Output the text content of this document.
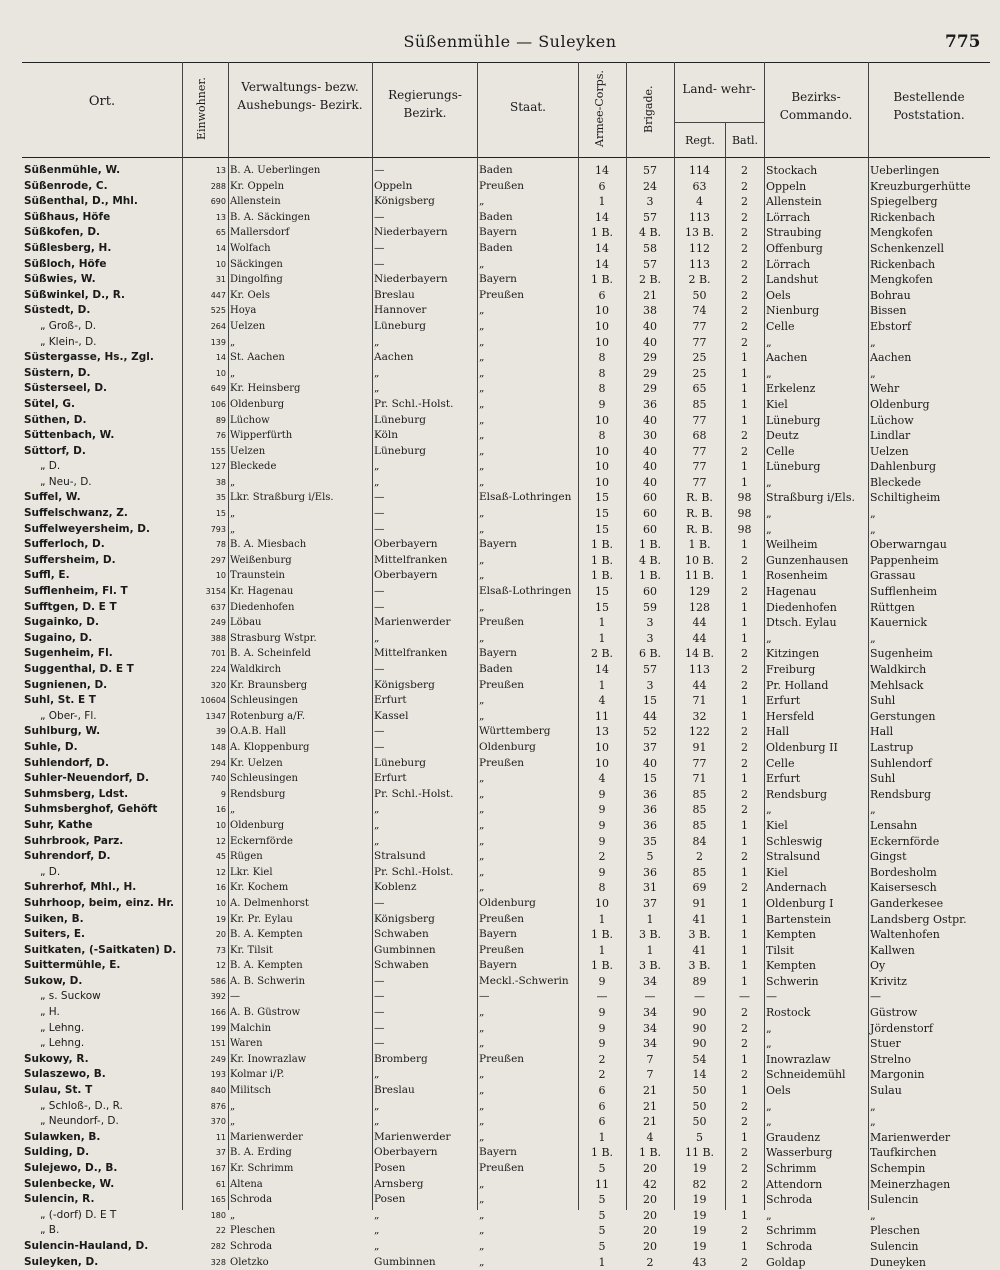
Süßenmühle — Suleyken	775
Ort.	Einwohner.	Verwaltungs- bezw. Aushebungs- Bezirk.
Regierungs- Bezirk.	Staat.	Armee-Corps.	Brigade.	Land- wehr-
Regt.	Batl.
Bezirks- Commando.
Bestellende Poststation.
Süßenmühle, W.	13	B. A. Ueberlingen	—	Baden	14	57	114	2	Stockach	Ueberlingen
Süßenrode, C.	288	Kr. Oppeln	Oppeln	Preußen	6	24	63	2	Oppeln	Kreuzburgerhütte
Süßenthal, D., Mhl.	690	Allenstein	Königsberg	„	1	3	4	2	Allenstein	Spiegelberg
Süßhaus, Höfe	13	B. A. Säckingen	—	Baden	14	57	113	2	Lörrach	Rickenbach
Süßkofen, D.	65	Mallersdorf	Niederbayern	Bayern	1 B.	4 B.	13 B.	2	Straubing	Mengkofen
Süßlesberg, H.	14	Wolfach	—	Baden	14	58	112	2	Offenburg	Schenkenzell
Süßloch, Höfe	10	Säckingen	—	„	14	57	113	2	Lörrach	Rickenbach
Süßwies, W.	31	Dingolfing	Niederbayern	Bayern	1 B.	2 B.	2 B.	2	Landshut	Mengkofen
Süßwinkel, D., R.	447	Kr. Oels	Breslau	Preußen	6	21	50	2	Oels	Bohrau
Süstedt, D.	525	Hoya	Hannover	„	10	38	74	2	Nienburg	Bissen
„ Groß-, D.	264	Uelzen	Lüneburg	„	10	40	77	2	Celle	Ebstorf
„ Klein-, D.	139	„	„	„	10	40	77	2	„	„
Süstergasse, Hs., Zgl.	14	St. Aachen	Aachen	„	8	29	25	1	Aachen	Aachen
Süstern, D.	10	„	„	„	8	29	25	1	„	„
Süsterseel, D.	649	Kr. Heinsberg	„	„	8	29	65	1	Erkelenz	Wehr
Sütel, G.	106	Oldenburg	Pr. Schl.-Holst.	„	9	36	85	1	Kiel	Oldenburg
Süthen, D.	89	Lüchow	Lüneburg	„	10	40	77	1	Lüneburg	Lüchow
Süttenbach, W.	76	Wipperfürth	Köln	„	8	30	68	2	Deutz	Lindlar
Süttorf, D.	155	Uelzen	Lüneburg	„	10	40	77	2	Celle	Uelzen
„ D.	127	Bleckede	„	„	10	40	77	1	Lüneburg	Dahlenburg
„ Neu-, D.	38	„	„	„	10	40	77	1	„	Bleckede
Suffel, W.	35	Lkr. Straßburg i/Els.	—	Elsaß-Lothringen	15	60	R. B.	98	Straßburg i/Els.	Schiltigheim
Suffelschwanz, Z.	15	„	—	„	15	60	R. B.	98	„	„
Suffelweyersheim, D.	793	„	—	„	15	60	R. B.	98	„	„
Sufferloch, D.	78	B. A. Miesbach	Oberbayern	Bayern	1 B.	1 B.	1 B.	1	Weilheim	Oberwarngau
Suffersheim, D.	297	Weißenburg	Mittelfranken	„	1 B.	4 B.	10 B.	2	Gunzenhausen	Pappenheim
Suffl, E.	10	Traunstein	Oberbayern	„	1 B.	1 B.	11 B.	1	Rosenheim	Grassau
Sufflenheim, Fl. T	3154	Kr. Hagenau	—	Elsaß-Lothringen	15	60	129	2	Hagenau	Sufflenheim
Sufftgen, D. E T	637	Diedenhofen	—	„	15	59	128	1	Diedenhofen	Rüttgen
Sugainko, D.	249	Löbau	Marienwerder	Preußen	1	3	44	1	Dtsch. Eylau	Kauernick
Sugaino, D.	388	Strasburg Wstpr.	„	„	1	3	44	1	„	„
Sugenheim, Fl.	701	B. A. Scheinfeld	Mittelfranken	Bayern	2 B.	6 B.	14 B.	2	Kitzingen	Sugenheim
Suggenthal, D. E T	224	Waldkirch	—	Baden	14	57	113	2	Freiburg	Waldkirch
Sugnienen, D.	320	Kr. Braunsberg	Königsberg	Preußen	1	3	44	2	Pr. Holland	Mehlsack
Suhl, St. E T	10604	Schleusingen	Erfurt	„	4	15	71	1	Erfurt	Suhl
„ Ober-, Fl.	1347	Rotenburg a/F.	Kassel	„	11	44	32	1	Hersfeld	Gerstungen
Suhlburg, W.	39	O.A.B. Hall	—	Württemberg	13	52	122	2	Hall	Hall
Suhle, D.	148	A. Kloppenburg	—	Oldenburg	10	37	91	2	Oldenburg II	Lastrup
Suhlendorf, D.	294	Kr. Uelzen	Lüneburg	Preußen	10	40	77	2	Celle	Suhlendorf
Suhler-Neuendorf, D.	740	Schleusingen	Erfurt	„	4	15	71	1	Erfurt	Suhl
Suhmsberg, Ldst.	9	Rendsburg	Pr. Schl.-Holst.	„	9	36	85	2	Rendsburg	Rendsburg
Suhmsberghof, Gehöft	16	„	„	„	9	36	85	2	„	„
Suhr, Kathe	10	Oldenburg	„	„	9	36	85	1	Kiel	Lensahn
Suhrbrook, Parz.	12	Eckernförde	„	„	9	35	84	1	Schleswig	Eckernförde
Suhrendorf, D.	45	Rügen	Stralsund	„	2	5	2	2	Stralsund	Gingst
„ D.	12	Lkr. Kiel	Pr. Schl.-Holst.	„	9	36	85	1	Kiel	Bordesholm
Suhrerhof, Mhl., H.	16	Kr. Kochem	Koblenz	„	8	31	69	2	Andernach	Kaisersesch
Suhrhoop, beim, einz. Hr.	10	A. Delmenhorst	—	Oldenburg	10	37	91	1	Oldenburg I	Ganderkesee
Suiken, B.	19	Kr. Pr. Eylau	Königsberg	Preußen	1	1	41	1	Bartenstein	Landsberg Ostpr.
Suiters, E.	20	B. A. Kempten	Schwaben	Bayern	1 B.	3 B.	3 B.	1	Kempten	Waltenhofen
Suitkaten, (-Saitkaten) D.	73	Kr. Tilsit	Gumbinnen	Preußen	1	1	41	1	Tilsit	Kallwen
Suittermühle, E.	12	B. A. Kempten	Schwaben	Bayern	1 B.	3 B.	3 B.	1	Kempten	Oy
Sukow, D.	586	A. B. Schwerin	—	Meckl.-Schwerin	9	34	89	1	Schwerin	Krivitz
„ s. Suckow	392	—	—	—	—	—	—	—	—	—
„ H.	166	A. B. Güstrow	—	„	9	34	90	2	Rostock	Güstrow
„ Lehng.	199	Malchin	—	„	9	34	90	2	„	Jördenstorf
„ Lehng.	151	Waren	—	„	9	34	90	2	„	Stuer
Sukowy, R.	249	Kr. Inowrazlaw	Bromberg	Preußen	2	7	54	1	Inowrazlaw	Strelno
Sulaszewo, B.	193	Kolmar i/P.	„	„	2	7	14	2	Schneidemühl	Margonin
Sulau, St. T	840	Militsch	Breslau	„	6	21	50	1	Oels	Sulau
„ Schloß-, D., R.	876	„	„	„	6	21	50	2	„	„
„ Neundorf-, D.	370	„	„	„	6	21	50	2	„	„
Sulawken, B.	11	Marienwerder	Marienwerder	„	1	4	5	1	Graudenz	Marienwerder
Sulding, D.	37	B. A. Erding	Oberbayern	Bayern	1 B.	1 B.	11 B.	2	Wasserburg	Taufkirchen
Sulejewo, D., B.	167	Kr. Schrimm	Posen	Preußen	5	20	19	2	Schrimm	Schempin
Sulenbecke, W.	61	Altena	Arnsberg	„	11	42	82	2	Attendorn	Meinerzhagen
Sulencin, R.	165	Schroda	Posen	„	5	20	19	1	Schroda	Sulencin
„ (-dorf) D. E T	180	„	„	„	5	20	19	1	„	„
„ B.	22	Pleschen	„	„	5	20	19	2	Schrimm	Pleschen
Sulencin-Hauland, D.	282	Schroda	„	„	5	20	19	1	Schroda	Sulencin
Suleyken, D.	328	Oletzko	Gumbinnen	„	1	2	43	2	Goldap	Duneyken
